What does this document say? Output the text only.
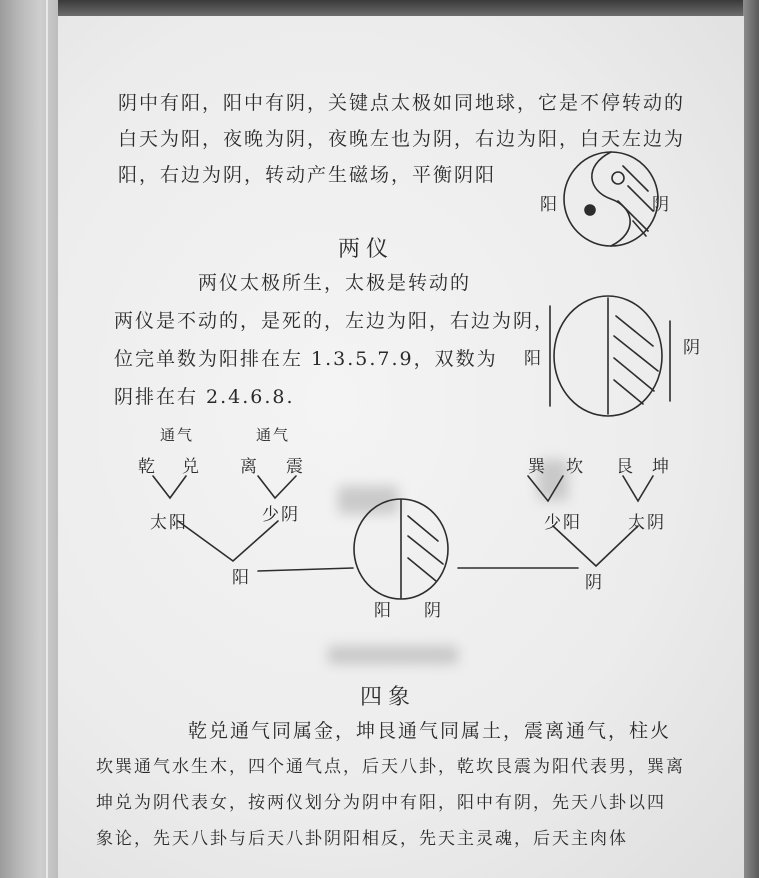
阴中有阳，阳中有阴，关键点太极如同地球，它是不停转动的
白天为阳，夜晚为阴，夜晚左也为阴，右边为阳，白天左边为
阳，右边为阴，转动产生磁场，平衡阴阳
阳	阴
两仪
两仪太极所生，太极是转动的
两仪是不动的，是死的，左边为阳，右边为阴，
位完单数为阳排在左 1.3.5.7.9，双数为
阴排在右 2.4.6.8.
阳
阴
通气	通气
乾 兑 离 震
太阳	少阴
阳
阳 阴
巽 坎 艮 坤
少阳	太阴
阴
四象
乾兑通气同属金，坤艮通气同属土，震离通气，柱火
坎巽通气水生木，四个通气点，后天八卦，乾坎艮震为阳代表男，巽离
坤兑为阴代表女，按两仪划分为阴中有阳，阳中有阴，先天八卦以四
象论，先天八卦与后天八卦阴阳相反，先天主灵魂，后天主肉体
